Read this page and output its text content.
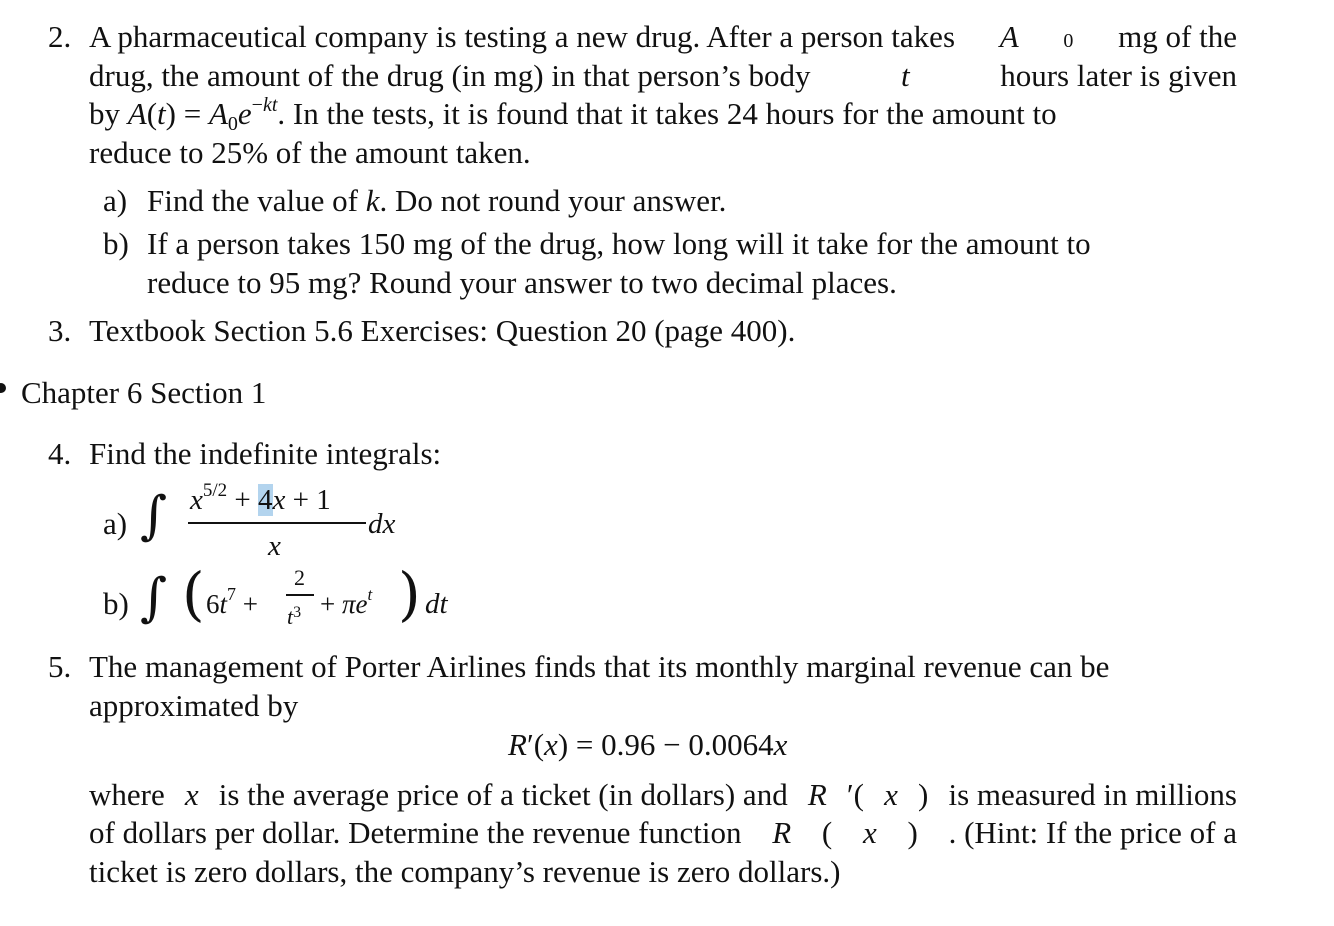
2. A pharmaceutical company is testing a new drug. After a person takes A 0 mg of the
drug, the amount of the drug (in mg) in that person’s body	t	hours later is given
by $A(t) = A_0e^{-kt}$. In the tests, it is found that it takes 24 hours for the amount to
reduce to 25% of the amount taken.
a) Find the value of k. Do not round your answer.
b) If a person takes 150 mg of the drug, how long will it take for the amount to
reduce to 95 mg? Round your answer to two decimal places.
3. Textbook Section 5.6 Exercises: Question 20 (page 400).
Chapter 6 Section 1
4. Find the indefinite integrals:
a) ∫ $x^{5/2} + 4x + 1$
x
dx
b) ∫ ( $6t^7$ +
2
$t^3 + \pi e^t$ ) dt
5. The management of Porter Airlines finds that its monthly marginal revenue can be
approximated by
R′(x) = 0.96 − 0.0064x
where x is the average price of a ticket (in dollars) and R ′( x ) is measured in millions
of dollars per dollar. Determine the revenue function R ( x ) . (Hint: If the price of a
ticket is zero dollars, the company’s revenue is zero dollars.)
